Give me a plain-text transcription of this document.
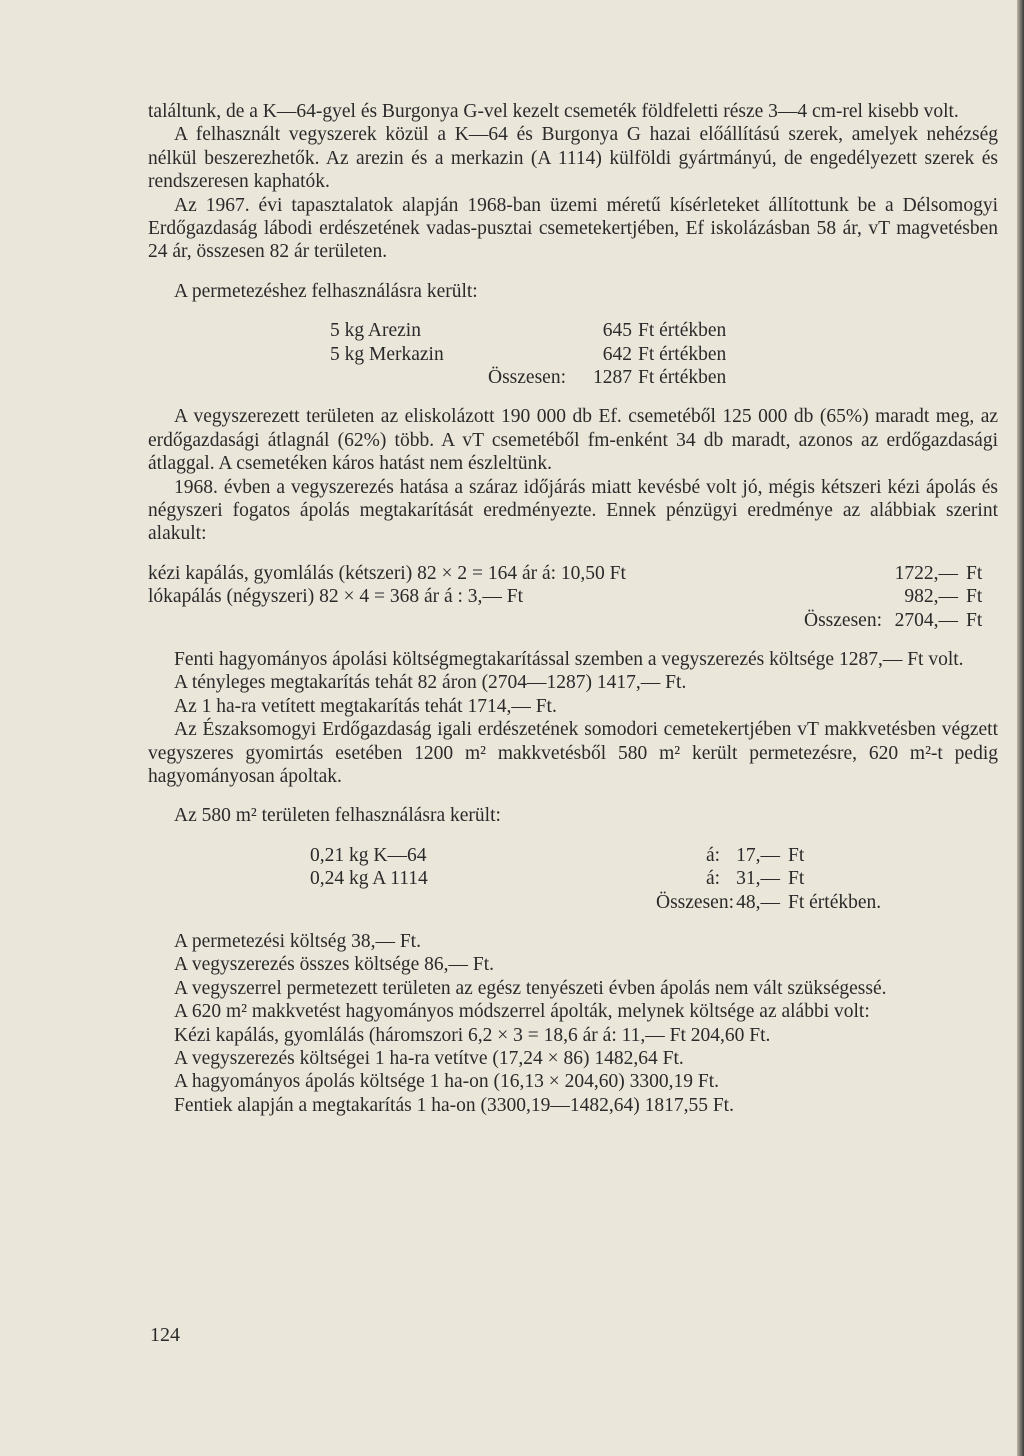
találtunk, de a K—64-gyel és Burgonya G-vel kezelt csemeték földfeletti része 3—4 cm-rel kisebb volt.

A felhasznált vegyszerek közül a K—64 és Burgonya G hazai előállítású szerek, amelyek nehézség nélkül beszerezhetők. Az arezin és a merkazin (A 1114) külföldi gyártmányú, de engedélyezett szerek és rendszeresen kaphatók.

Az 1967. évi tapasztalatok alapján 1968-ban üzemi méretű kísérleteket állítottunk be a Délsomogyi Erdőgazdaság lábodi erdészetének vadas-pusztai csemetekertjében, Ef iskolázásban 58 ár, vT magvetésben 24 ár, összesen 82 ár területen.

A permetezéshez felhasználásra került:

5 kg Arezin	645 Ft értékben
5 kg Merkazin	642 Ft értékben
Összesen:	1287 Ft értékben

A vegyszerezett területen az eliskolázott 190 000 db Ef. csemetéből 125 000 db (65%) maradt meg, az erdőgazdasági átlagnál (62%) több. A vT csemetéből fm-enként 34 db maradt, azonos az erdőgazdasági átlaggal. A csemetéken káros hatást nem észleltünk.

1968. évben a vegyszerezés hatása a száraz időjárás miatt kevésbé volt jó, mégis kétszeri kézi ápolás és négyszeri fogatos ápolás megtakarítását eredményezte. Ennek pénzügyi eredménye az alábbiak szerint alakult:

kézi kapálás, gyomlálás (kétszeri) 82 × 2 = 164 ár á: 10,50 Ft	1722,— Ft
lókapálás (négyszeri) 82 × 4 = 368 ár á : 3,— Ft	982,— Ft
Összesen: 2704,— Ft

Fenti hagyományos ápolási költségmegtakarítással szemben a vegyszerezés költsége 1287,— Ft volt.

A tényleges megtakarítás tehát 82 áron (2704—1287) 1417,— Ft.

Az 1 ha-ra vetített megtakarítás tehát 1714,— Ft.

Az Északsomogyi Erdőgazdaság igali erdészetének somodori cemetekertjében vT makkvetésben végzett vegyszeres gyomirtás esetében 1200 m² makkvetésből 580 m² került permetezésre, 620 m²-t pedig hagyományosan ápoltak.

Az 580 m² területen felhasználásra került:

0,21 kg K—64	á: 17,— Ft
0,24 kg A 1114	á: 31,— Ft
Összesen: 48,— Ft értékben.

A permetezési költség 38,— Ft.

A vegyszerezés összes költsége 86,— Ft.

A vegyszerrel permetezett területen az egész tenyészeti évben ápolás nem vált szükségessé.

A 620 m² makkvetést hagyományos módszerrel ápolták, melynek költsége az alábbi volt:

Kézi kapálás, gyomlálás (háromszori 6,2 × 3 = 18,6 ár á: 11,— Ft 204,60 Ft.

A vegyszerezés költségei 1 ha-ra vetítve (17,24 × 86) 1482,64 Ft.

A hagyományos ápolás költsége 1 ha-on (16,13 × 204,60) 3300,19 Ft.

Fentiek alapján a megtakarítás 1 ha-on (3300,19—1482,64) 1817,55 Ft.

124
